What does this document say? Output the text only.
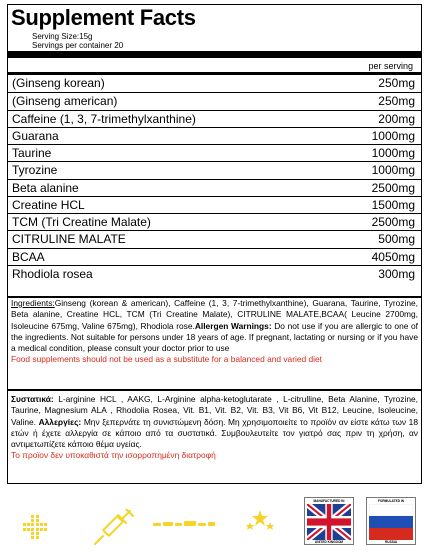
Supplement Facts
Serving Size:15g
Servings per container 20
per serving
(Ginseng korean)	250mg
(Ginseng american)	250mg
Caffeine (1, 3, 7-trimethylxanthine)	200mg
Guarana	1000mg
Taurine	1000mg
Tyrozine	1000mg
Beta alanine	2500mg
Creatine HCL	1500mg
TCM (Tri Creatine Malate)	2500mg
CITRULINE MALATE	500mg
BCAA	4050mg
Rhodiola rosea	300mg
Ingredients:Ginseng (korean & american), Caffeine (1, 3, 7-trimethylxanthine), Guarana, Taurine, Tyrozine, Beta alanine, Creatine HCL, TCM (Tri Creatine Malate), CITRULINE MALATE,BCAA( Leucine 2700mg, Isoleucine 675mg, Valine 675mg), Rhodiola rose.Allergen Warnings: Do not use if you are allergic to one of the ingredients. Not suitable for persons under 18 years of age. If pregnant, lactating or nursing or if you have a medical condition, please consult your doctor prior to use
Food supplements should not be used as a substitute for a balanced and varied diet
Συστατικά: L-arginine HCL , AAKG, L-Arginine alpha-ketoglutarate , L-citrulline, Beta Alanine, Tyrozine, Taurine, Magnesium ALA , Rhodolia Rosea, Vit. B1, Vit. B2, Vit. B3, Vit B6, Vit B12, Leucine, Isoleucine, Valine. Αλλεργίες: Μην ξεπερνάτε τη συνιστώμενη δόση. Μη χρησιμοποιείτε το προϊόν αν είστε κάτω των 18 ετών ή έχετε αλλεργία σε κάποιο από τα συστατικά. Συμβουλευτείτε τον γιατρό σας πριν τη χρήση, αν αντιμετωπίζετε κάποιο θέμα υγείας.
Το προϊον δεν υποκαθιστά την ισορροπημένη διατροφή
MANUFACTURED IN
UNITED KINGDOM
FORMULATED IN
RUSSIA
